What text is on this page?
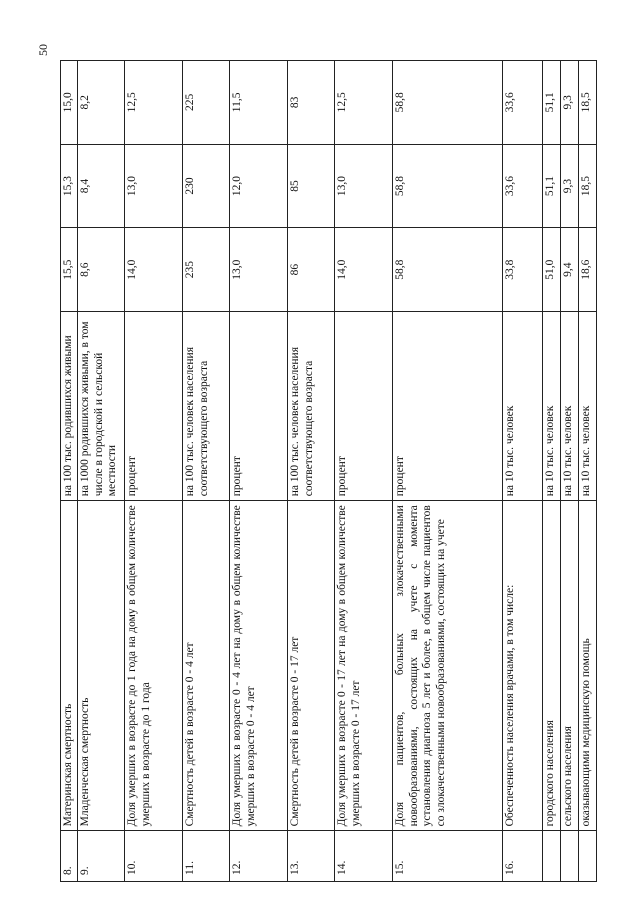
50
8.	Материнская смертность	на 100 тыс. родившихся живыми	15,5	15,3	15,0
9.	Младенческая смертность	на 1000 родившихся живыми, в том числе в городской и сельской местности	8,6	8,4	8,2
10.	Доля умерших в возрасте до 1 года на дому в общем количестве умерших в возрасте до 1 года	процент	14,0	13,0	12,5
11.	Смертность детей в возрасте 0 - 4 лет	на 100 тыс. человек населения соответствующего возраста	235	230	225
12.	Доля умерших в возрасте 0 - 4 лет на дому в общем количестве умерших в возрасте 0 - 4 лет	процент	13,0	12,0	11,5
13.	Смертность детей в возрасте 0 - 17 лет	на 100 тыс. человек населения соответствующего возраста	86	85	83
14.	Доля умерших в возрасте 0 - 17 лет на дому в общем количестве умерших в возрасте 0 - 17 лет	процент	14,0	13,0	12,5
15.	Доля пациентов, больных злокачественными новообразованиями, состоящих на учете с момента установления диагноза 5 лет и более, в общем числе пациентов со злокачественными новообразованиями, состоящих на учете	процент	58,8	58,8	58,8
16.	Обеспеченность населения врачами, в том числе:	на 10 тыс. человек	33,8	33,6	33,6
	городского населения	на 10 тыс. человек	51,0	51,1	51,1
	сельского населения	на 10 тыс. человек	9,4	9,3	9,3
	оказывающими медицинскую помощь	на 10 тыс. человек	18,6	18,5	18,5
